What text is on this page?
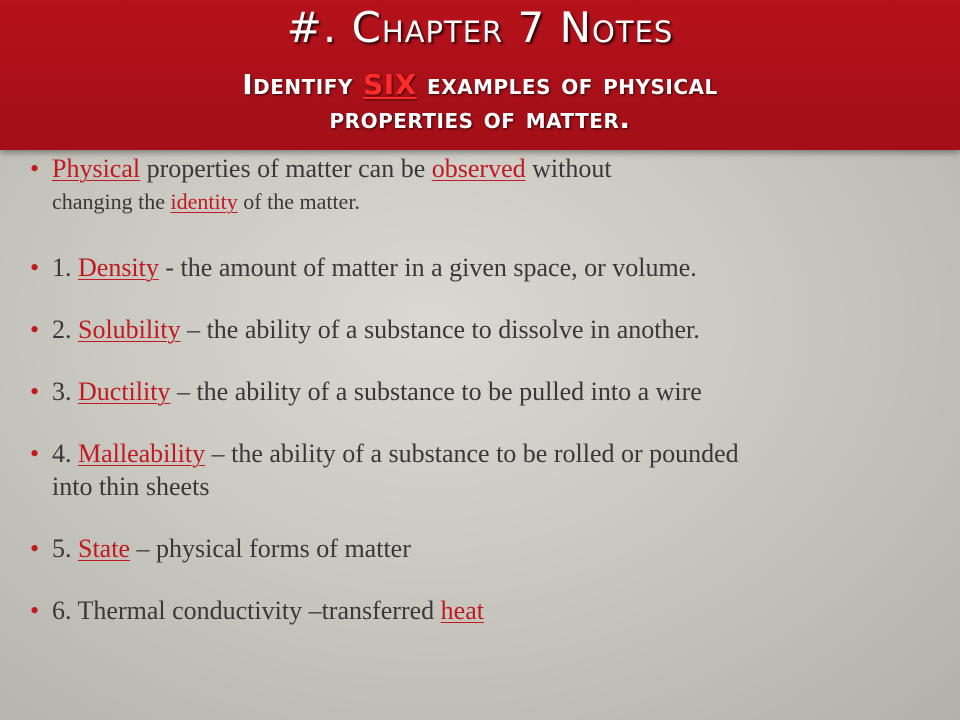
#. Chapter 7 Notes
Identify SIX examples of physical
properties of matter.
• Physical properties of matter can be observed without
changing the identity of the matter.
• 1. Density - the amount of matter in a given space, or volume.
• 2. Solubility – the ability of a substance to dissolve in another.
• 3. Ductility – the ability of a substance to be pulled into a wire
• 4. Malleability – the ability of a substance to be rolled or pounded
into thin sheets
• 5. State – physical forms of matter
• 6. Thermal conductivity –transferred heat
